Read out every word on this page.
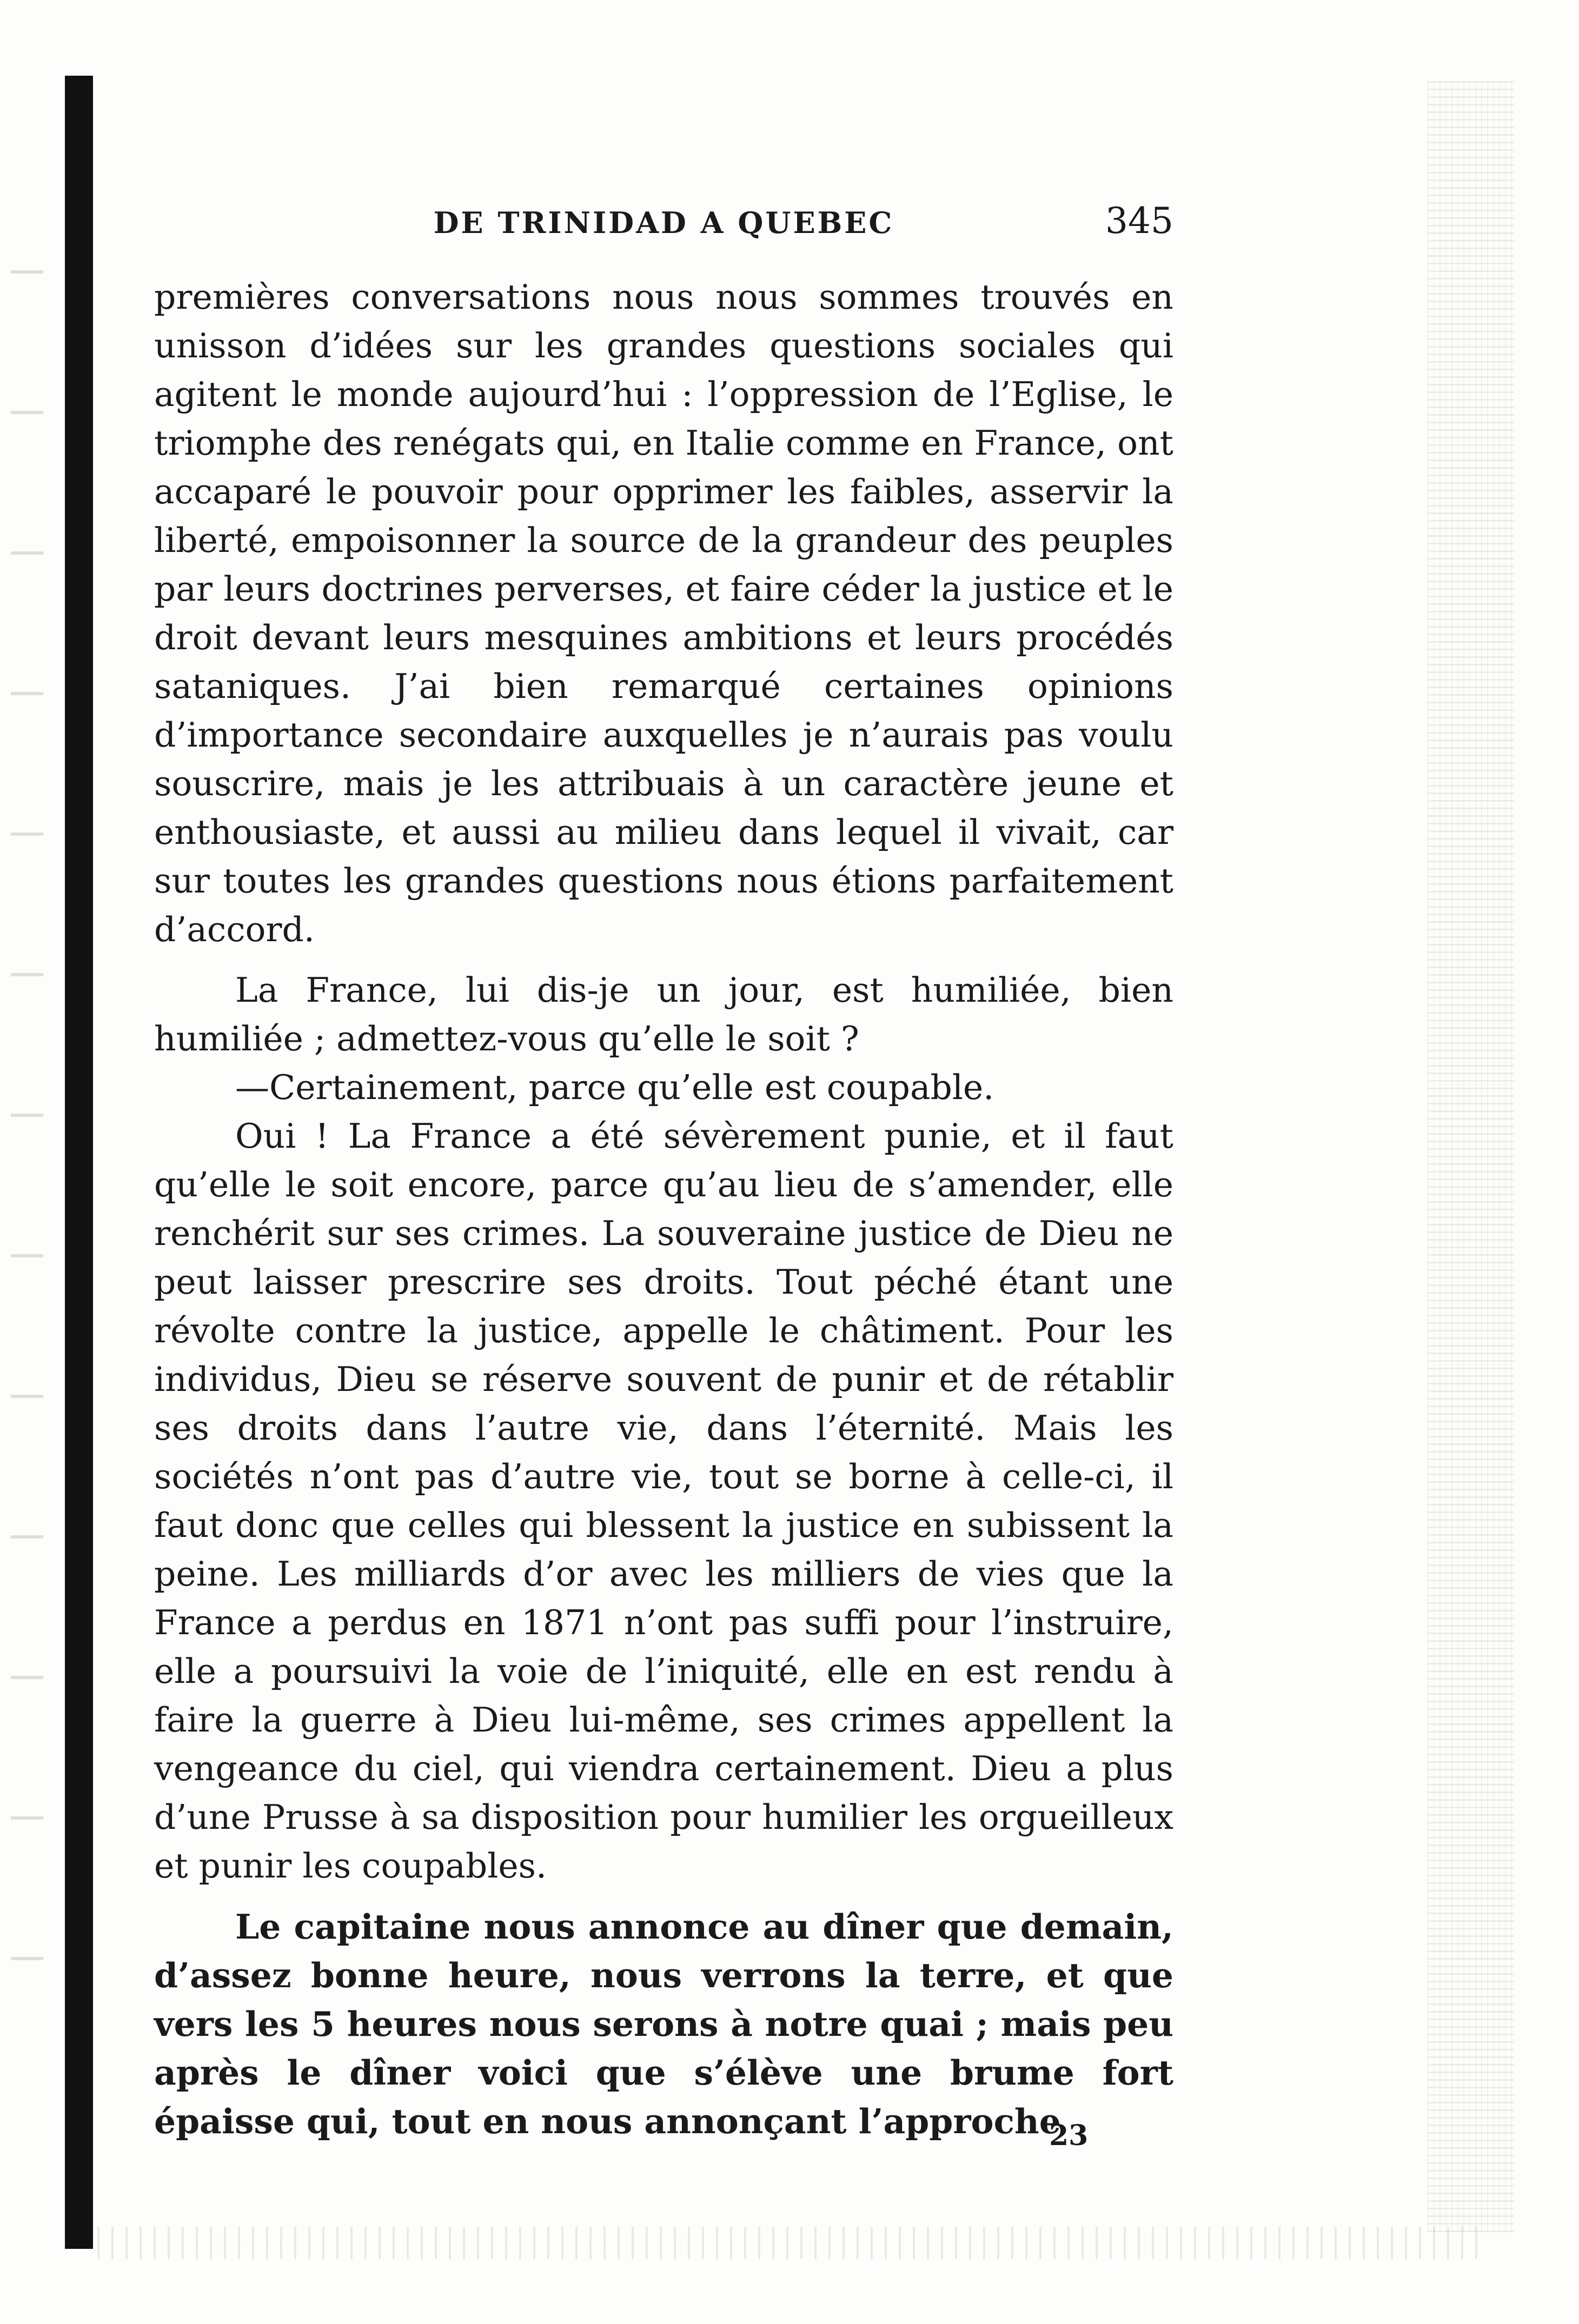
DE TRINIDAD A QUEBEC	345

premières conversations nous nous sommes trouvés en unisson d’idées sur les grandes questions sociales qui agitent le monde aujourd’hui : l’oppression de l’Eglise, le triomphe des renégats qui, en Italie comme en France, ont accaparé le pouvoir pour opprimer les faibles, asservir la liberté, empoisonner la source de la grandeur des peuples par leurs doctrines perverses, et faire céder la justice et le droit devant leurs mesquines ambitions et leurs procédés sataniques. J’ai bien remarqué certaines opinions d’importance secondaire auxquelles je n’aurais pas voulu souscrire, mais je les attribuais à un caractère jeune et enthousiaste, et aussi au milieu dans lequel il vivait, car sur toutes les grandes questions nous étions parfaitement d’accord.

La France, lui dis-je un jour, est humiliée, bien humiliée ; admettez-vous qu’elle le soit ?

—Certainement, parce qu’elle est coupable.

Oui ! La France a été sévèrement punie, et il faut qu’elle le soit encore, parce qu’au lieu de s’amender, elle renchérit sur ses crimes. La souveraine justice de Dieu ne peut laisser prescrire ses droits. Tout péché étant une révolte contre la justice, appelle le châtiment. Pour les individus, Dieu se réserve souvent de punir et de rétablir ses droits dans l’autre vie, dans l’éternité. Mais les sociétés n’ont pas d’autre vie, tout se borne à celle-ci, il faut donc que celles qui blessent la justice en subissent la peine. Les milliards d’or avec les milliers de vies que la France a perdus en 1871 n’ont pas suffi pour l’instruire, elle a poursuivi la voie de l’iniquité, elle en est rendu à faire la guerre à Dieu lui-même, ses crimes appellent la vengeance du ciel, qui viendra certainement. Dieu a plus d’une Prusse à sa disposition pour humilier les orgueilleux et punir les coupables.

Le capitaine nous annonce au dîner que demain, d’assez bonne heure, nous verrons la terre, et que vers les 5 heures nous serons à notre quai ; mais peu après le dîner voici que s’élève une brume fort épaisse qui, tout en nous annonçant l’approche

23
